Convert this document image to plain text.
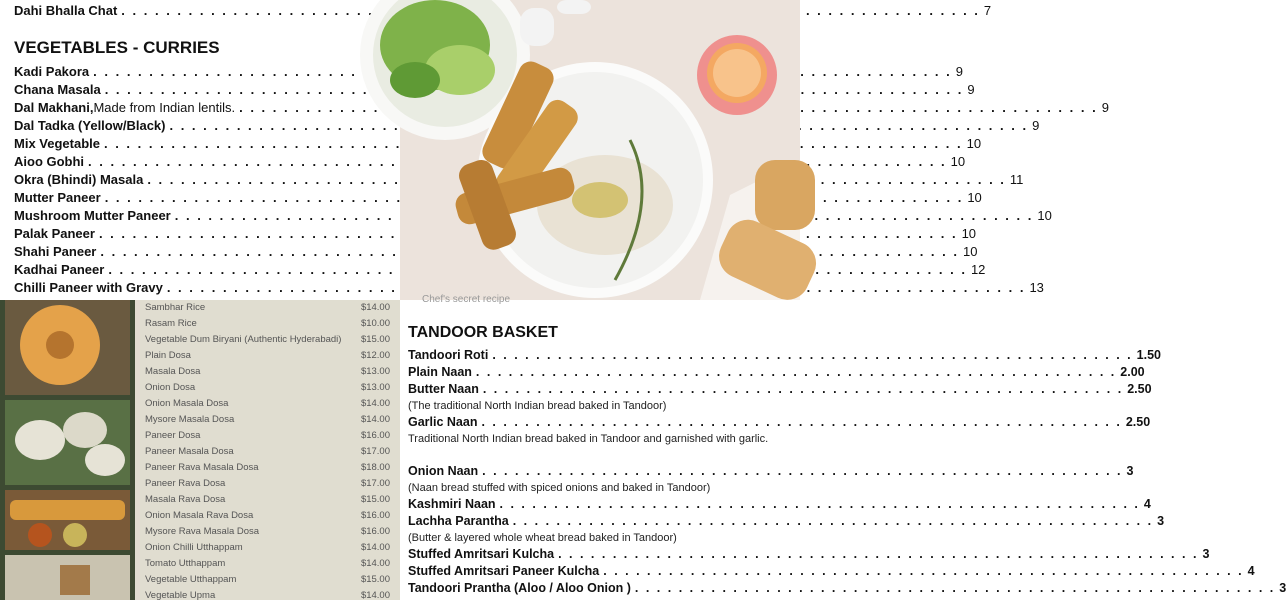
Dahi Bhalla Chat . . .	7
VEGETABLES - CURRIES
Kadi Pakora . . .	9
Chana Masala . . .	9
Dal Makhani, Made from Indian lentils. . . .	9
Dal Tadka (Yellow/Black) . . .	9
Mix Vegetable . . .	10
Aioo Gobhi . . .	10
Okra (Bhindi) Masala . . .	11
Mutter Paneer . . .	10
Mushroom Mutter Paneer . . .	10
Palak Paneer . . .	10
Shahi Paneer . . .	10
Kadhai Paneer . . .	12
Chilli Paneer with Gravy . . .	13
Sambhar Rice	$14.00
Rasam Rice	$10.00
Vegetable Dum Biryani (Authentic Hyderabadi) $15.00
Plain Dosa	$12.00
Masala Dosa	$13.00
Onion Dosa	$13.00
Onion Masala Dosa	$14.00
Mysore Masala Dosa	$14.00
Paneer Dosa	$16.00
Paneer Masala Dosa	$17.00
Paneer Rava Masala Dosa	$18.00
Paneer Rava Dosa	$17.00
Masala Rava Dosa	$15.00
Onion Masala Rava Dosa	$16.00
Mysore Rava Masala Dosa	$16.00
Onion Chilli Utthappam	$14.00
Tomato Utthappam	$14.00
Vegetable Utthappam	$15.00
Vegetable Upma	$14.00
Chef's secret recipe
TANDOOR BASKET
Tandoori Roti . . .	1.50
Plain Naan . . .	2.00
Butter Naan . . .	2.50
(The traditional North Indian bread baked in Tandoor)
Garlic Naan . . .	2.50
Traditional North Indian bread baked in Tandoor and garnished with garlic.
Onion Naan . . .	3
(Naan bread stuffed with spiced onions and baked in Tandoor)
Kashmiri Naan . . .	4
Lachha Parantha . . .	3
(Butter & layered whole wheat bread baked in Tandoor)
Stuffed Amritsari Kulcha . . .	3
Stuffed Amritsari Paneer Kulcha . . .	4
Tandoori Prantha (Aloo / Aloo Onion ) . . .	3
